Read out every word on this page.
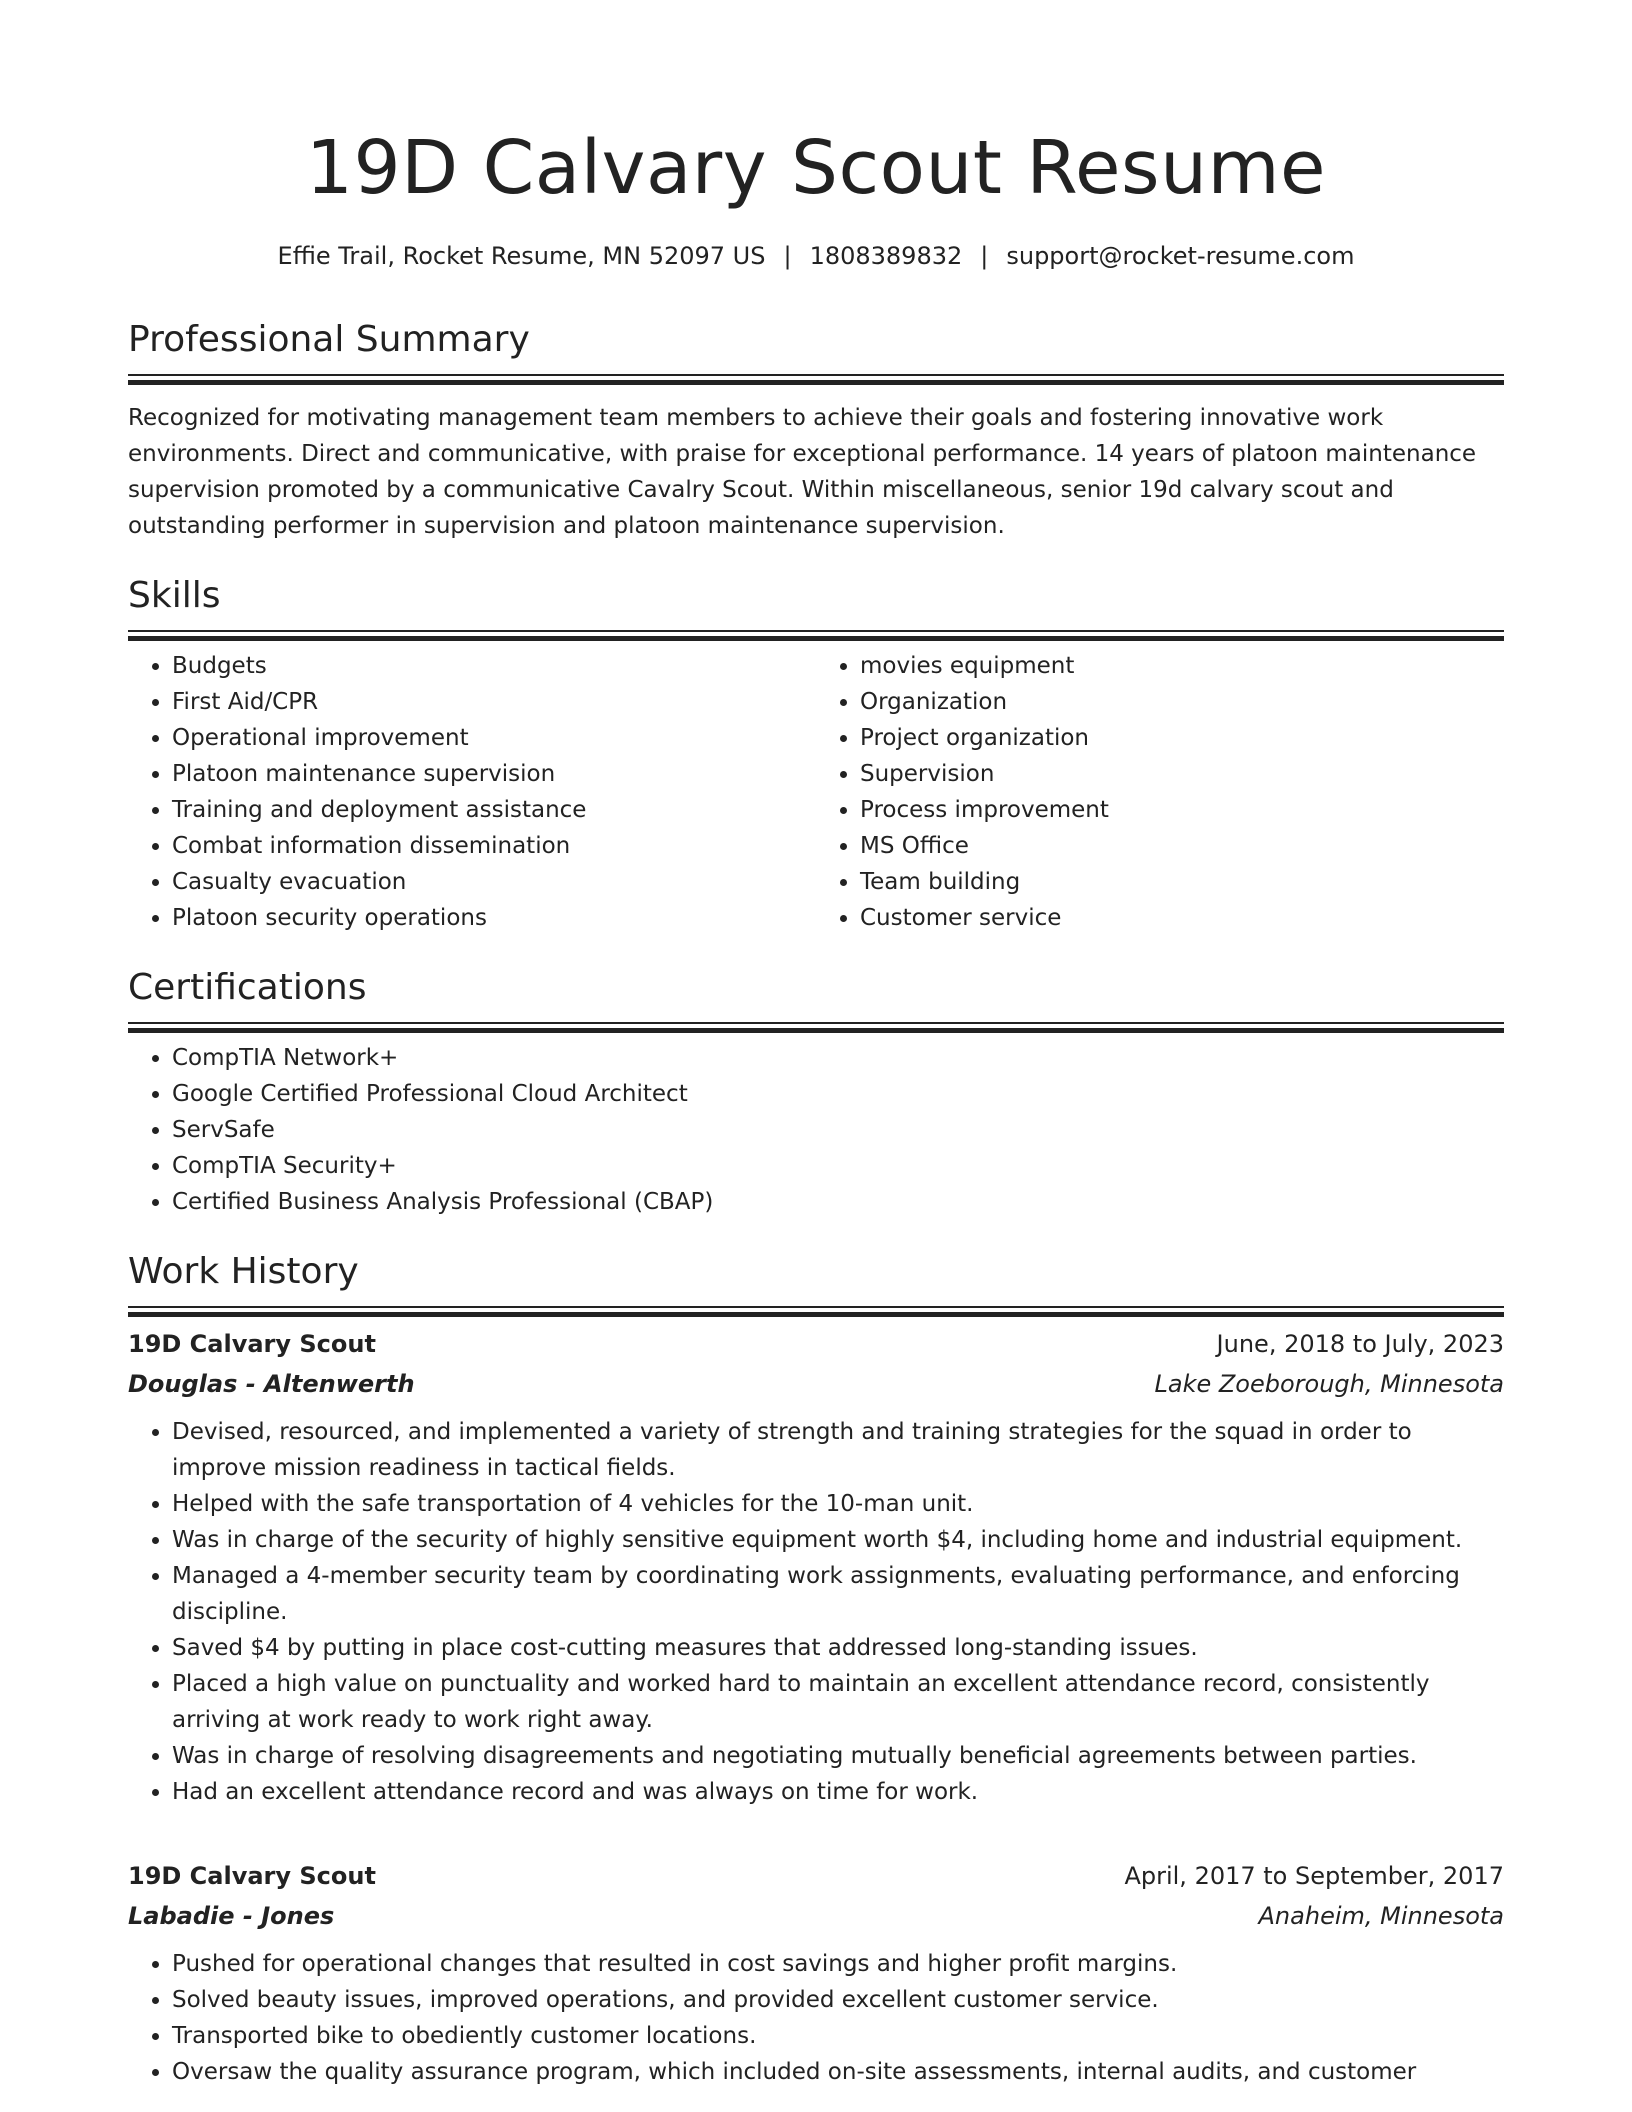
19D Calvary Scout Resume
Effie Trail, Rocket Resume, MN 52097 US | 1808389832 | support@rocket-resume.com
Professional Summary

Recognized for motivating management team members to achieve their goals and fostering innovative work environments. Direct and communicative, with praise for exceptional performance. 14 years of platoon maintenance supervision promoted by a communicative Cavalry Scout. Within miscellaneous, senior 19d calvary scout and outstanding performer in supervision and platoon maintenance supervision.

Skills
• Budgets
• First Aid/CPR
• Operational improvement
• Platoon maintenance supervision
• Training and deployment assistance
• Combat information dissemination
• Casualty evacuation
• Platoon security operations
• movies equipment
• Organization
• Project organization
• Supervision
• Process improvement
• MS Office
• Team building
• Customer service
Certifications
• CompTIA Network+
• Google Certified Professional Cloud Architect
• ServSafe
• CompTIA Security+
• Certified Business Analysis Professional (CBAP)
Work History
19D Calvary Scout	June, 2018 to July, 2023
Douglas - Altenwerth	Lake Zoeborough, Minnesota
• Devised, resourced, and implemented a variety of strength and training strategies for the squad in order to improve mission readiness in tactical fields.
• Helped with the safe transportation of 4 vehicles for the 10-man unit.
• Was in charge of the security of highly sensitive equipment worth $4, including home and industrial equipment.
• Managed a 4-member security team by coordinating work assignments, evaluating performance, and enforcing discipline.
• Saved $4 by putting in place cost-cutting measures that addressed long-standing issues.
• Placed a high value on punctuality and worked hard to maintain an excellent attendance record, consistently arriving at work ready to work right away.
• Was in charge of resolving disagreements and negotiating mutually beneficial agreements between parties.
• Had an excellent attendance record and was always on time for work.
19D Calvary Scout	April, 2017 to September, 2017
Labadie - Jones	Anaheim, Minnesota
• Pushed for operational changes that resulted in cost savings and higher profit margins.
• Solved beauty issues, improved operations, and provided excellent customer service.
• Transported bike to obediently customer locations.
• Oversaw the quality assurance program, which included on-site assessments, internal audits, and customer
